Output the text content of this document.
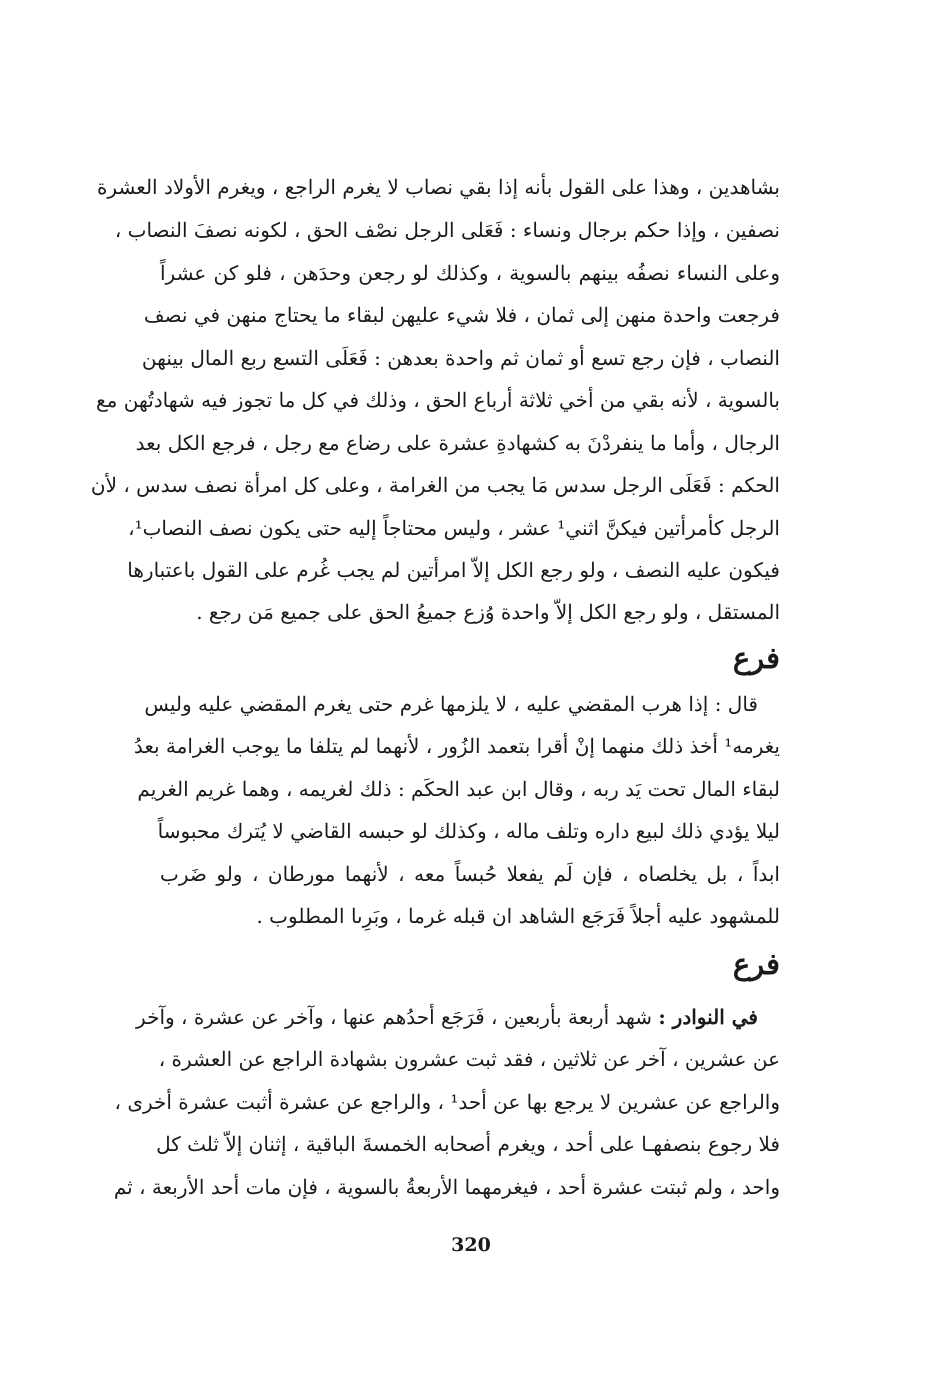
بشاهدين ، وهذا على القول بأنه إذا بقي نصاب لا يغرم الراجع ، ويغرم الأولاد العشرة
نصفين ، وإذا حكم برجال ونساء : فَعَلى الرجل نصْف الحق ، لكونه نصفَ النصاب ،
وعلى النساء نصفُه بينهم بالسوية ، وكذلك لو رجعن وحدَهن ، فلو كن عشراً
فرجعت واحدة منهن إلى ثمان ، فلا شيء عليهن لبقاء ما يحتاج منهن في نصف
النصاب ، فإن رجع تسع أو ثمان ثم واحدة بعدهن : فَعَلَى التسع ربع المال بينهن
بالسوية ، لأنه بقي من أخي ثلاثة أرباع الحق ، وذلك في كل ما تجوز فيه شهادتُهن مع
الرجال ، وأما ما ينفردْنَ به كشهادةِ عشرة على رضاع مع رجل ، فرجع الكل بعد
الحكم : فَعَلَى الرجل سدس مَا يجب من الغرامة ، وعلى كل امرأة نصف سدس ، لأن
الرجل كأمرأتين فيكنَّ اثني¹ عشر ، وليس محتاجاً إليه حتى يكون نصف النصاب¹،
فيكون عليه النصف ، ولو رجع الكل إلاّ امرأتين لم يجب غُرم على القول باعتبارها
المستقل ، ولو رجع الكل إلاّ واحدة وُزع جميعُ الحق على جميع مَن رجع .
فرع
قال : إذا هرب المقضي عليه ، لا يلزمها غرم حتى يغرم المقضي عليه وليس
يغرمه¹ أخذ ذلك منهما إنْ أقرا بتعمد الزُور ، لأنهما لم يتلفا ما يوجب الغرامة بعدُ
لبقاء المال تحت يَد ربه ، وقال ابن عبد الحكَم : ذلك لغريمه ، وهما غريم الغريم
ليلا يؤدي ذلك لبيع داره وتلف ماله ، وكذلك لو حبسه القاضي لا يُترك محبوساً
ابداً ، بل يخلصاه ، فإن لَم يفعلا حُبساً معه ، لأنهما مورطان ، ولو ضَرب
للمشهود عليه أجلاً فَرَجَع الشاهد ان قبله غرما ، وبَرِىا المطلوب .
فرع
في النوادر : شهد أربعة بأربعين ، فَرَجَع أحدُهم عنها ، وآخر عن عشرة ، وآخر
عن عشرين ، آخر عن ثلاثين ، فقد ثبت عشرون بشهادة الراجع عن العشرة ،
والراجع عن عشرين لا يرجع بها عن أحد¹ ، والراجع عن عشرة أثبت عشرة أخرى ،
فلا رجوع بنصفهـا على أحد ، ويغرم أصحابه الخمسةَ الباقية ، إثنان إلاّ ثلث كل
واحد ، ولم ثبتت عشرة أحد ، فيغرمهما الأربعةُ بالسوية ، فإن مات أحد الأربعة ، ثم
320
